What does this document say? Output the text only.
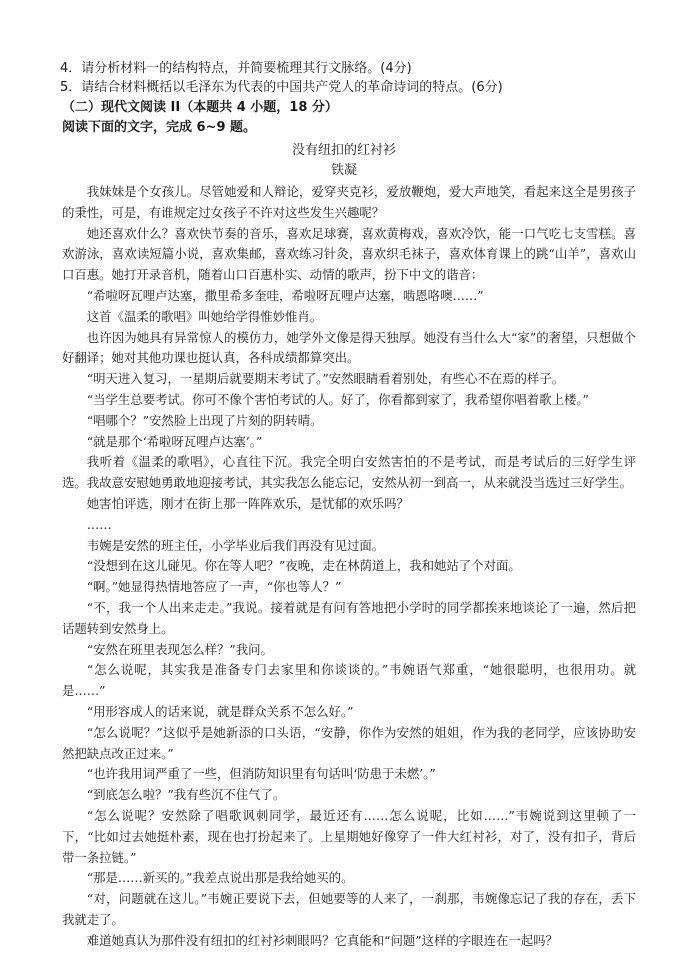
4．请分析材料一的结构特点，并简要梳理其行文脉络。(4分)
5．请结合材料概括以毛泽东为代表的中国共产党人的革命诗词的特点。(6分)
（二）现代文阅读 II（本题共 4 小题，18 分）
阅读下面的文字，完成 6~9 题。
没有纽扣的红衬衫
铁凝

我妹妹是个女孩儿。尽管她爱和人辩论，爱穿夹克衫，爱放鞭炮，爱大声地笑，看起来这全是男孩子的秉性，可是，有谁规定过女孩子不许对这些发生兴趣呢？

她还喜欢什么？喜欢快节奏的音乐，喜欢足球赛，喜欢黄梅戏，喜欢冷饮，能一口气吃七支雪糕。喜欢游泳，喜欢读短篇小说，喜欢集邮，喜欢练习针灸，喜欢织毛袜子，喜欢体育课上的跳“山羊”，喜欢山口百惠。她打开录音机，随着山口百惠朴实、动情的歌声，扮下中文的谐音：

“希啦呀瓦哩卢达塞，撒里希多奎哇，希啦呀瓦哩卢达塞，啮恩咯噢……”

这首《温柔的歌唱》叫她给学得惟妙惟肖。

也许因为她具有异常惊人的模仿力，她学外文像是得天独厚。她没有当什么大“家”的奢望，只想做个好翻译；她对其他功课也挺认真，各科成绩都算突出。

“明天进入复习，一星期后就要期末考试了。”安然眼睛看着别处，有些心不在焉的样子。

“当学生总要考试。你可不像个害怕考试的人。好了，你看都到家了，我希望你唱着歌上楼。”

“唱哪个？”安然脸上出现了片刻的阴转晴。

“就是那个‘希啦呀瓦哩卢达塞’。”

我听着《温柔的歌唱》，心直往下沉。我完全明白安然害怕的不是考试，而是考试后的三好学生评选。我故意安慰她勇敢地迎接考试，其实我怎么能忘记，安然从初一到高一，从来就没当选过三好学生。

她害怕评选，刚才在街上那一阵阵欢乐，是忧郁的欢乐吗？

……

韦婉是安然的班主任，小学毕业后我们再没有见过面。

“没想到在这儿碰见。你在等人吧？”夜晚，走在林荫道上，我和她站了个对面。

“啊。”她显得热情地答应了一声，“你也等人？”

“不，我一个人出来走走。”我说。接着就是有问有答地把小学时的同学都挨来地谈论了一遍，然后把话题转到安然身上。

“安然在班里表现怎么样？”我问。

“怎么说呢，其实我是准备专门去家里和你谈谈的。”韦婉语气郑重，“她很聪明，也很用功。就是……”

“用形容成人的话来说，就是群众关系不怎么好。”

“怎么说呢？”这似乎是她新添的口头语，“安静，你作为安然的姐姐，作为我的老同学，应该协助安然把缺点改正过来。”

“也许我用词严重了一些，但消防知识里有句话叫‘防患于未燃’。”

“到底怎么啦？”我有些沉不住气了。

“怎么说呢？安然除了唱歌讽刺同学，最近还有……怎么说呢，比如……”韦婉说到这里顿了一下，“比如过去她挺朴素，现在也打扮起来了。上星期她好像穿了一件大红衬衫，对了，没有扣子，背后带一条拉链。”

“那是……新买的。”我差点说出那是我给她买的。

“对，问题就在这儿。”韦婉正要说下去，但她要等的人来了，一刹那，韦婉像忘记了我的存在，丢下我就走了。

难道她真认为那件没有纽扣的红衬衫刺眼吗？它真能和“问题”这样的字眼连在一起吗？
